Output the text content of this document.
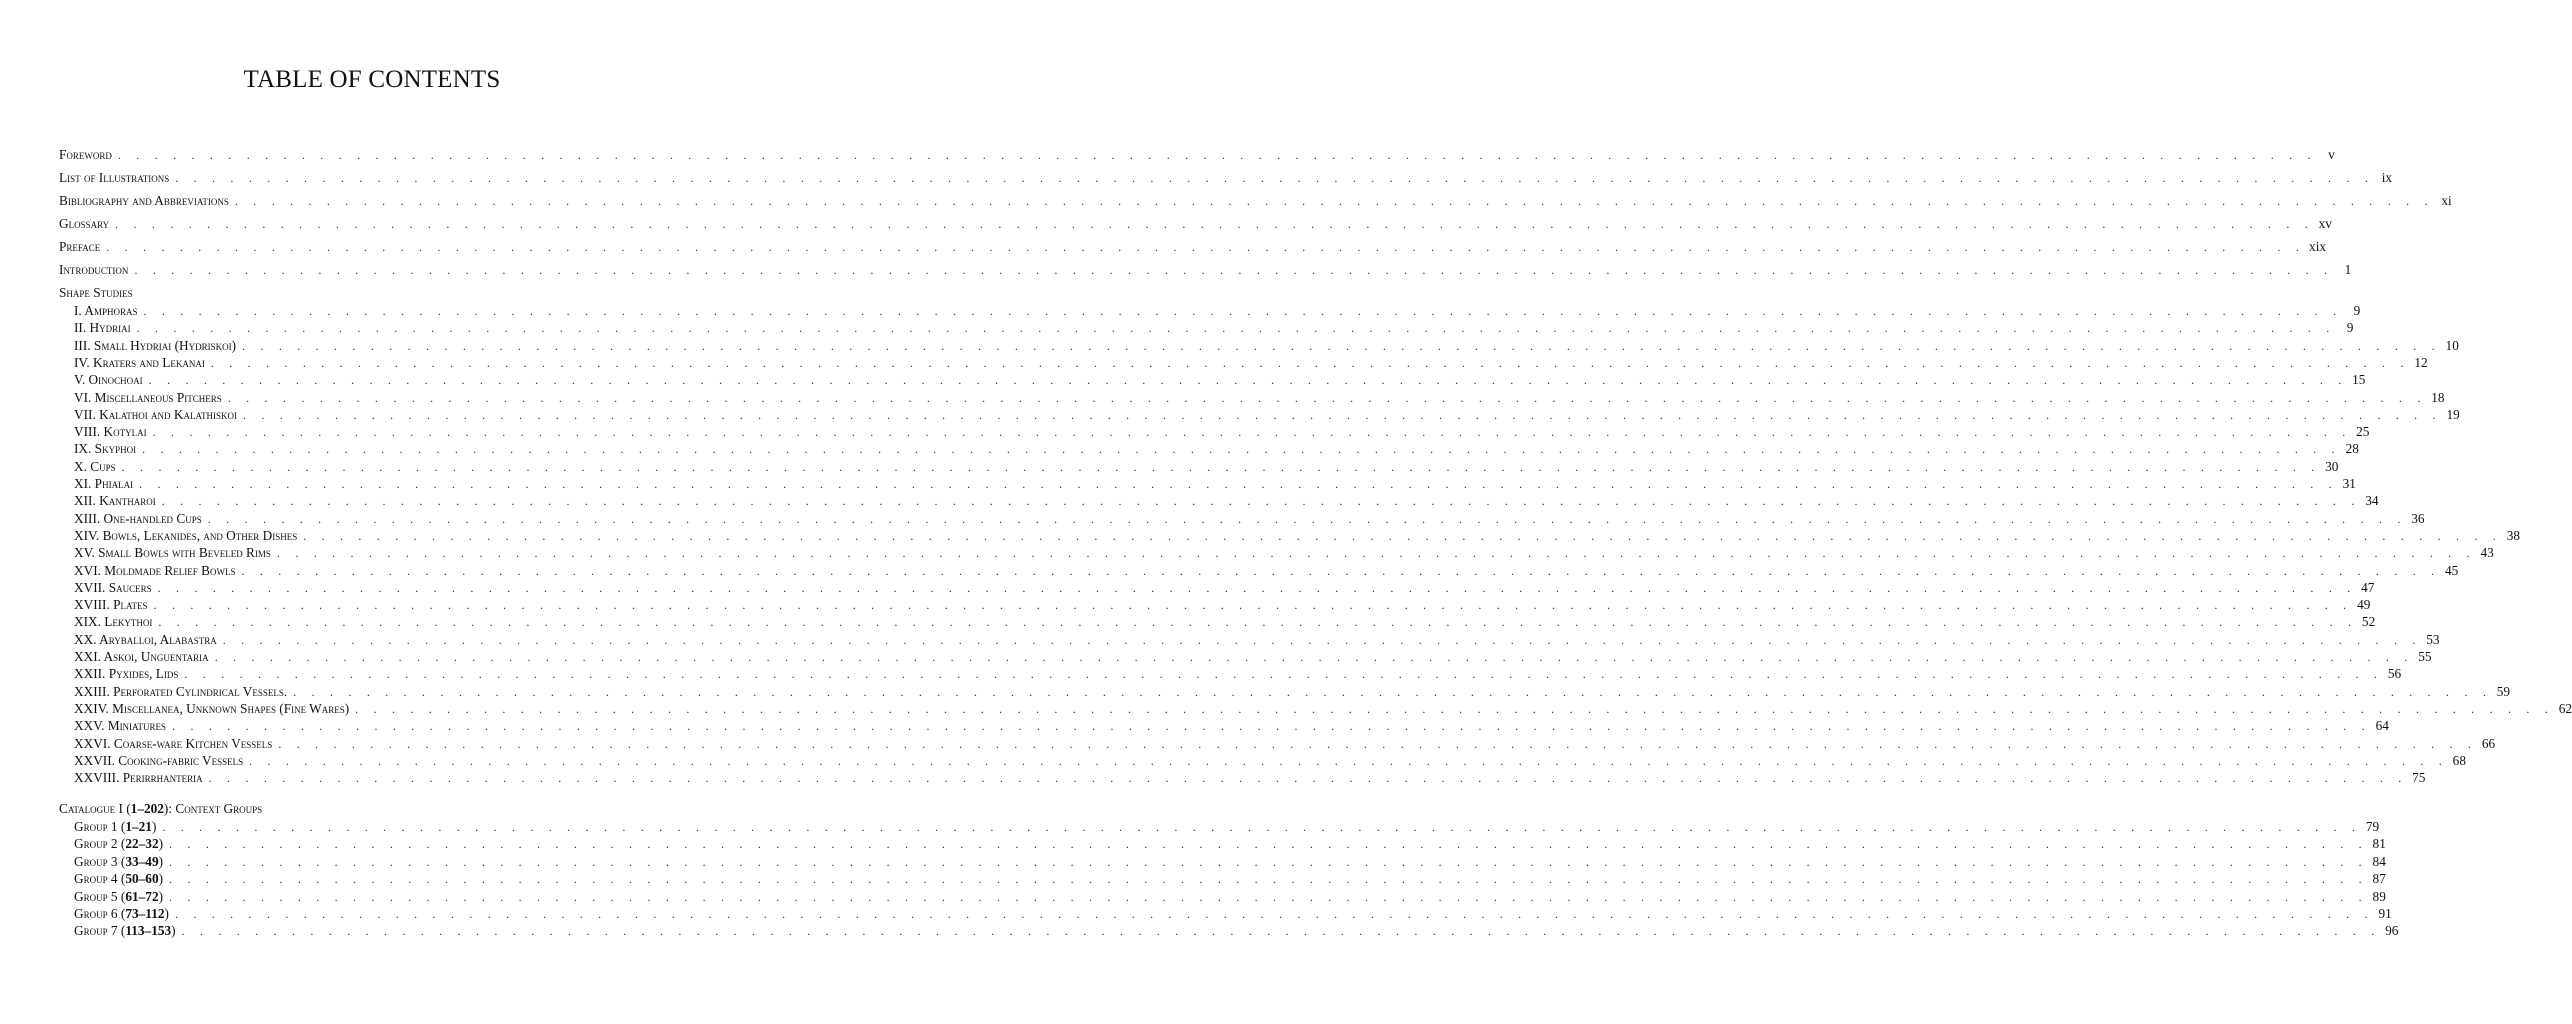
TABLE OF CONTENTS
Foreword . . . . . . . . . . . . . . . . . . . . . . . . . . . . . . . . . . . . . . . . . . . . . . . . . . . . . . . . . . . . . . . . . . . . . . . . . . . . . . . . . . . . . . . . . . . . . . . . . . . . . . . . . . . . . . . . . . . . . . . . v
List of Illustrations . . . . . . . . . . . . . . . . . . . . . . . . . . . . . . . . . . . . . . . . . . . . . . . . . . . . . . . . . . . . . . . . . . . . . . . . . . . . . . . . . . . . . . . . . . . . . . . . . . . . . . . . . . . . . . . . . . . . . . . . ix
Bibliography and Abbreviations . . . . . . . . . . . . . . . . . . . . . . . . . . . . . . . . . . . . . . . . . . . . . . . . . . . . . . . . . . . . . . . . . . . . . . . . . . . . . . . . . . . . . . . . . . . . . . . . . . . . . . . . . . . . . . . . . . . . . . . . xi
Glossary . . . . . . . . . . . . . . . . . . . . . . . . . . . . . . . . . . . . . . . . . . . . . . . . . . . . . . . . . . . . . . . . . . . . . . . . . . . . . . . . . . . . . . . . . . . . . . . . . . . . . . . . . . . . . . . . . . . . . . . . xv
Preface . . . . . . . . . . . . . . . . . . . . . . . . . . . . . . . . . . . . . . . . . . . . . . . . . . . . . . . . . . . . . . . . . . . . . . . . . . . . . . . . . . . . . . . . . . . . . . . . . . . . . . . . . . . . . . . . . . . . . . . . xix
Introduction . . . . . . . . . . . . . . . . . . . . . . . . . . . . . . . . . . . . . . . . . . . . . . . . . . . . . . . . . . . . . . . . . . . . . . . . . . . . . . . . . . . . . . . . . . . . . . . . . . . . . . . . . . . . . . . . . . . . . . . . 1
Shape Studies
I. Amphoras . . . . . . . . . . . . . . . . . . . . . . . . . . . . . . . . . . . . . . . . . . . . . . . . . . . . . . . . . . . . . . . . . . . . . . . . . . . . . . . . . . . . . . . . . . . . . . . . . . . . . . . . . . . . . . . . . . . . . . . . 9
II. Hydriai . . . . . . . . . . . . . . . . . . . . . . . . . . . . . . . . . . . . . . . . . . . . . . . . . . . . . . . . . . . . . . . . . . . . . . . . . . . . . . . . . . . . . . . . . . . . . . . . . . . . . . . . . . . . . . . . . . . . . . . . 9
III. Small Hydriai (Hydriskoi) . . . . . . . . . . . . . . . . . . . . . . . . . . . . . . . . . . . . . . . . . . . . . . . . . . . . . . . . . . . . . . . . . . . . . . . . . . . . . . . . . . . . . . . . . . . . . . . . . . . . . . . . . . . . . . . . . . . . . . . . 10
IV. Kraters and Lekanai . . . . . . . . . . . . . . . . . . . . . . . . . . . . . . . . . . . . . . . . . . . . . . . . . . . . . . . . . . . . . . . . . . . . . . . . . . . . . . . . . . . . . . . . . . . . . . . . . . . . . . . . . . . . . . . . . . . . . . . . 12
V. Oinochoai . . . . . . . . . . . . . . . . . . . . . . . . . . . . . . . . . . . . . . . . . . . . . . . . . . . . . . . . . . . . . . . . . . . . . . . . . . . . . . . . . . . . . . . . . . . . . . . . . . . . . . . . . . . . . . . . . . . . . . . . 15
VI. Miscellaneous Pitchers . . . . . . . . . . . . . . . . . . . . . . . . . . . . . . . . . . . . . . . . . . . . . . . . . . . . . . . . . . . . . . . . . . . . . . . . . . . . . . . . . . . . . . . . . . . . . . . . . . . . . . . . . . . . . . . . . . . . . . . . 18
VII. Kalathoi and Kalathiskoi . . . . . . . . . . . . . . . . . . . . . . . . . . . . . . . . . . . . . . . . . . . . . . . . . . . . . . . . . . . . . . . . . . . . . . . . . . . . . . . . . . . . . . . . . . . . . . . . . . . . . . . . . . . . . . . . . . . . . . . . 19
VIII. Kotylai . . . . . . . . . . . . . . . . . . . . . . . . . . . . . . . . . . . . . . . . . . . . . . . . . . . . . . . . . . . . . . . . . . . . . . . . . . . . . . . . . . . . . . . . . . . . . . . . . . . . . . . . . . . . . . . . . . . . . . . . 25
IX. Skyphoi . . . . . . . . . . . . . . . . . . . . . . . . . . . . . . . . . . . . . . . . . . . . . . . . . . . . . . . . . . . . . . . . . . . . . . . . . . . . . . . . . . . . . . . . . . . . . . . . . . . . . . . . . . . . . . . . . . . . . . . . 28
X. Cups . . . . . . . . . . . . . . . . . . . . . . . . . . . . . . . . . . . . . . . . . . . . . . . . . . . . . . . . . . . . . . . . . . . . . . . . . . . . . . . . . . . . . . . . . . . . . . . . . . . . . . . . . . . . . . . . . . . . . . . . 30
XI. Phialai . . . . . . . . . . . . . . . . . . . . . . . . . . . . . . . . . . . . . . . . . . . . . . . . . . . . . . . . . . . . . . . . . . . . . . . . . . . . . . . . . . . . . . . . . . . . . . . . . . . . . . . . . . . . . . . . . . . . . . . . 31
XII. Kantharoi . . . . . . . . . . . . . . . . . . . . . . . . . . . . . . . . . . . . . . . . . . . . . . . . . . . . . . . . . . . . . . . . . . . . . . . . . . . . . . . . . . . . . . . . . . . . . . . . . . . . . . . . . . . . . . . . . . . . . . . . 34
XIII. One-handled Cups . . . . . . . . . . . . . . . . . . . . . . . . . . . . . . . . . . . . . . . . . . . . . . . . . . . . . . . . . . . . . . . . . . . . . . . . . . . . . . . . . . . . . . . . . . . . . . . . . . . . . . . . . . . . . . . . . . . . . . . . 36
XIV. Bowls, Lekanides, and Other Dishes . . . . . . . . . . . . . . . . . . . . . . . . . . . . . . . . . . . . . . . . . . . . . . . . . . . . . . . . . . . . . . . . . . . . . . . . . . . . . . . . . . . . . . . . . . . . . . . . . . . . . . . . . . . . . . . . . . . . . . . . 38
XV. Small Bowls with Beveled Rims . . . . . . . . . . . . . . . . . . . . . . . . . . . . . . . . . . . . . . . . . . . . . . . . . . . . . . . . . . . . . . . . . . . . . . . . . . . . . . . . . . . . . . . . . . . . . . . . . . . . . . . . . . . . . . . . . . . . . . . . 43
XVI. Moldmade Relief Bowls . . . . . . . . . . . . . . . . . . . . . . . . . . . . . . . . . . . . . . . . . . . . . . . . . . . . . . . . . . . . . . . . . . . . . . . . . . . . . . . . . . . . . . . . . . . . . . . . . . . . . . . . . . . . . . . . . . . . . . . . 45
XVII. Saucers . . . . . . . . . . . . . . . . . . . . . . . . . . . . . . . . . . . . . . . . . . . . . . . . . . . . . . . . . . . . . . . . . . . . . . . . . . . . . . . . . . . . . . . . . . . . . . . . . . . . . . . . . . . . . . . . . . . . . . . . 47
XVIII. Plates . . . . . . . . . . . . . . . . . . . . . . . . . . . . . . . . . . . . . . . . . . . . . . . . . . . . . . . . . . . . . . . . . . . . . . . . . . . . . . . . . . . . . . . . . . . . . . . . . . . . . . . . . . . . . . . . . . . . . . . . 49
XIX. Lekythoi . . . . . . . . . . . . . . . . . . . . . . . . . . . . . . . . . . . . . . . . . . . . . . . . . . . . . . . . . . . . . . . . . . . . . . . . . . . . . . . . . . . . . . . . . . . . . . . . . . . . . . . . . . . . . . . . . . . . . . . . 52
XX. Aryballoi, Alabastra . . . . . . . . . . . . . . . . . . . . . . . . . . . . . . . . . . . . . . . . . . . . . . . . . . . . . . . . . . . . . . . . . . . . . . . . . . . . . . . . . . . . . . . . . . . . . . . . . . . . . . . . . . . . . . . . . . . . . . . . 53
XXI. Askoi, Unguentaria . . . . . . . . . . . . . . . . . . . . . . . . . . . . . . . . . . . . . . . . . . . . . . . . . . . . . . . . . . . . . . . . . . . . . . . . . . . . . . . . . . . . . . . . . . . . . . . . . . . . . . . . . . . . . . . . . . . . . . . . 55
XXII. Pyxides, Lids . . . . . . . . . . . . . . . . . . . . . . . . . . . . . . . . . . . . . . . . . . . . . . . . . . . . . . . . . . . . . . . . . . . . . . . . . . . . . . . . . . . . . . . . . . . . . . . . . . . . . . . . . . . . . . . . . . . . . . . . 56
XXIII. Perforated Cylindrical Vessels. . . . . . . . . . . . . . . . . . . . . . . . . . . . . . . . . . . . . . . . . . . . . . . . . . . . . . . . . . . . . . . . . . . . . . . . . . . . . . . . . . . . . . . . . . . . . . . . . . . . . . . . . . . . . . . . . . . . . . . . . 59
XXIV. Miscellanea, Unknown Shapes (Fine Wares) . . . . . . . . . . . . . . . . . . . . . . . . . . . . . . . . . . . . . . . . . . . . . . . . . . . . . . . . . . . . . . . . . . . . . . . . . . . . . . . . . . . . . . . . . . . . . . . . . . . . . . . . . . . . . . . . . . . . . . . . 62
XXV. Miniatures . . . . . . . . . . . . . . . . . . . . . . . . . . . . . . . . . . . . . . . . . . . . . . . . . . . . . . . . . . . . . . . . . . . . . . . . . . . . . . . . . . . . . . . . . . . . . . . . . . . . . . . . . . . . . . . . . . . . . . . . 64
XXVI. Coarse-ware Kitchen Vessels . . . . . . . . . . . . . . . . . . . . . . . . . . . . . . . . . . . . . . . . . . . . . . . . . . . . . . . . . . . . . . . . . . . . . . . . . . . . . . . . . . . . . . . . . . . . . . . . . . . . . . . . . . . . . . . . . . . . . . . . 66
XXVII. Cooking-fabric Vessels . . . . . . . . . . . . . . . . . . . . . . . . . . . . . . . . . . . . . . . . . . . . . . . . . . . . . . . . . . . . . . . . . . . . . . . . . . . . . . . . . . . . . . . . . . . . . . . . . . . . . . . . . . . . . . . . . . . . . . . . 68
XXVIII. Perirrhanteria . . . . . . . . . . . . . . . . . . . . . . . . . . . . . . . . . . . . . . . . . . . . . . . . . . . . . . . . . . . . . . . . . . . . . . . . . . . . . . . . . . . . . . . . . . . . . . . . . . . . . . . . . . . . . . . . . . . . . . . . 75
Catalogue I (1–202): Context Groups
Group 1 (1–21) . . . . . . . . . . . . . . . . . . . . . . . . . . . . . . . . . . . . . . . . . . . . . . . . . . . . . . . . . . . . . . . . . . . . . . . . . . . . . . . . . . . . . . . . . . . . . . . . . . . . . . . . . . . . . . . . . . . . . . . . 79
Group 2 (22–32) . . . . . . . . . . . . . . . . . . . . . . . . . . . . . . . . . . . . . . . . . . . . . . . . . . . . . . . . . . . . . . . . . . . . . . . . . . . . . . . . . . . . . . . . . . . . . . . . . . . . . . . . . . . . . . . . . . . . . . . . 81
Group 3 (33–49) . . . . . . . . . . . . . . . . . . . . . . . . . . . . . . . . . . . . . . . . . . . . . . . . . . . . . . . . . . . . . . . . . . . . . . . . . . . . . . . . . . . . . . . . . . . . . . . . . . . . . . . . . . . . . . . . . . . . . . . . 84
Group 4 (50–60) . . . . . . . . . . . . . . . . . . . . . . . . . . . . . . . . . . . . . . . . . . . . . . . . . . . . . . . . . . . . . . . . . . . . . . . . . . . . . . . . . . . . . . . . . . . . . . . . . . . . . . . . . . . . . . . . . . . . . . . . 87
Group 5 (61–72) . . . . . . . . . . . . . . . . . . . . . . . . . . . . . . . . . . . . . . . . . . . . . . . . . . . . . . . . . . . . . . . . . . . . . . . . . . . . . . . . . . . . . . . . . . . . . . . . . . . . . . . . . . . . . . . . . . . . . . . . 89
Group 6 (73–112) . . . . . . . . . . . . . . . . . . . . . . . . . . . . . . . . . . . . . . . . . . . . . . . . . . . . . . . . . . . . . . . . . . . . . . . . . . . . . . . . . . . . . . . . . . . . . . . . . . . . . . . . . . . . . . . . . . . . . . . . 91
Group 7 (113–153) . . . . . . . . . . . . . . . . . . . . . . . . . . . . . . . . . . . . . . . . . . . . . . . . . . . . . . . . . . . . . . . . . . . . . . . . . . . . . . . . . . . . . . . . . . . . . . . . . . . . . . . . . . . . . . . . . . . . . . . . 96
